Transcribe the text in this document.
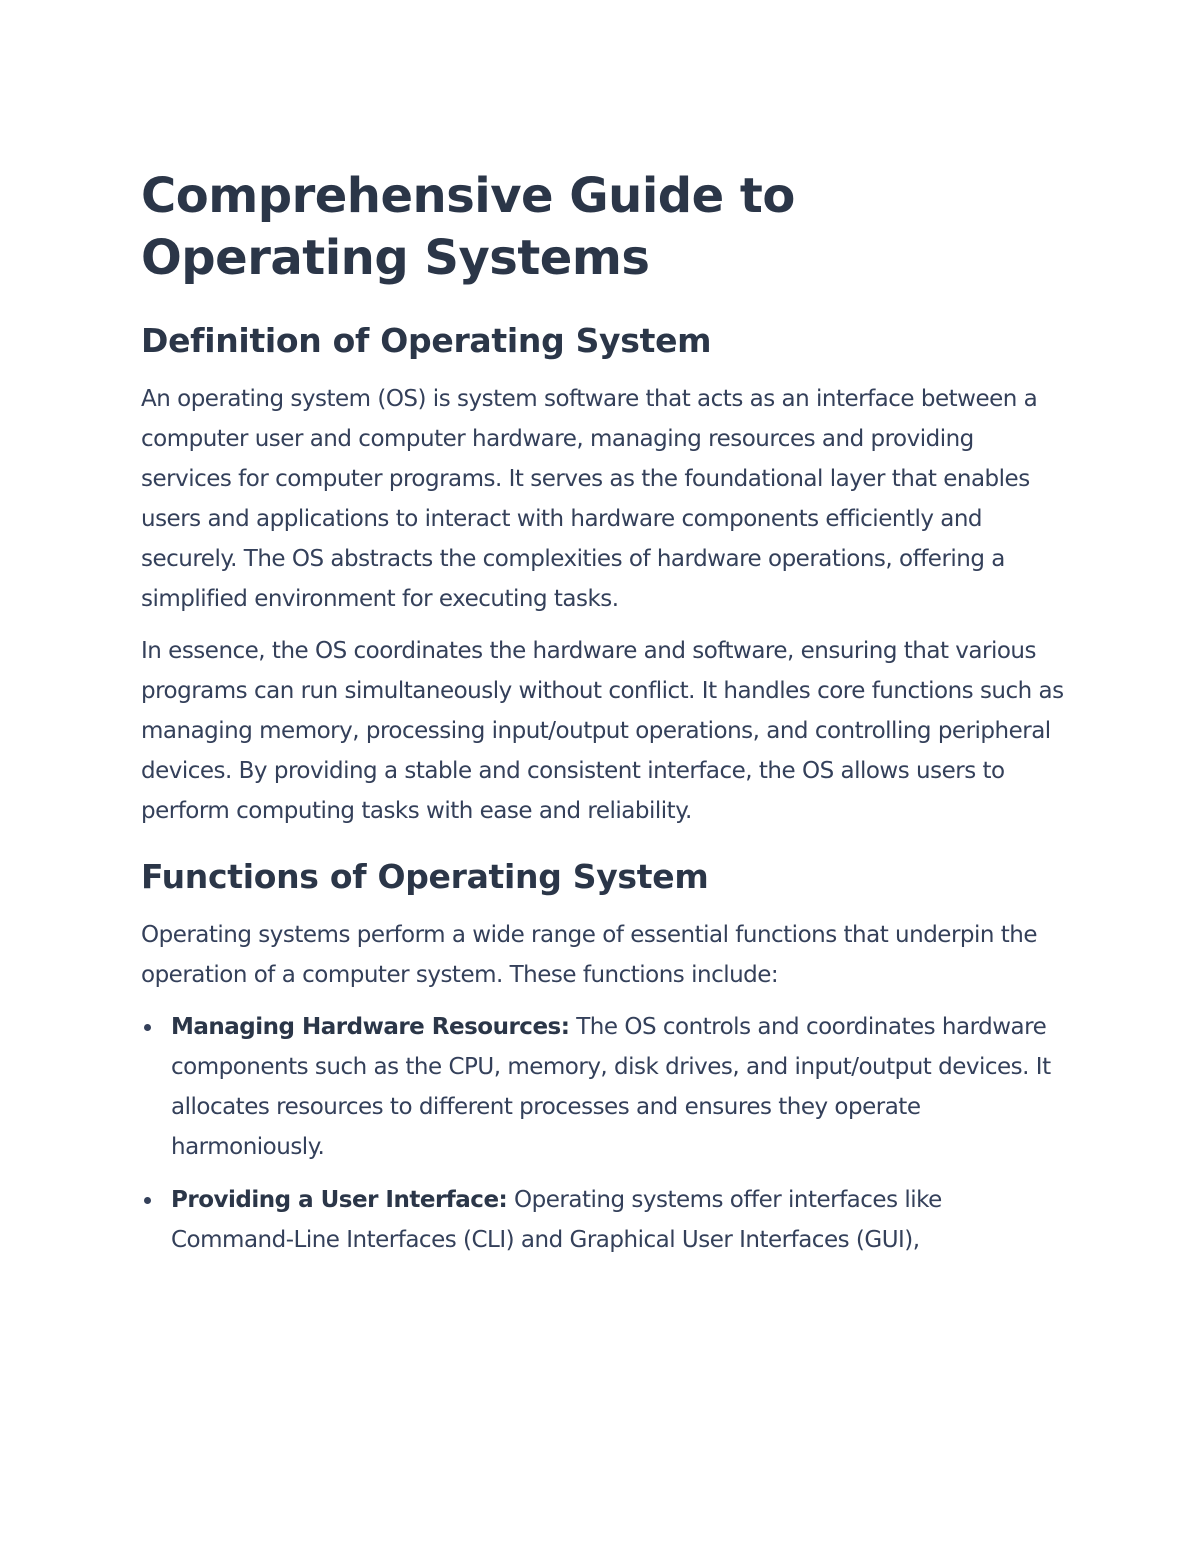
Comprehensive Guide to Operating Systems
Definition of Operating System

An operating system (OS) is system software that acts as an interface between a computer user and computer hardware, managing resources and providing services for computer programs. It serves as the foundational layer that enables users and applications to interact with hardware components efficiently and securely. The OS abstracts the complexities of hardware operations, offering a simplified environment for executing tasks.

In essence, the OS coordinates the hardware and software, ensuring that various programs can run simultaneously without conflict. It handles core functions such as managing memory, processing input/output operations, and controlling peripheral devices. By providing a stable and consistent interface, the OS allows users to perform computing tasks with ease and reliability.

Functions of Operating System

Operating systems perform a wide range of essential functions that underpin the operation of a computer system. These functions include:

Managing Hardware Resources: The OS controls and coordinates hardware components such as the CPU, memory, disk drives, and input/output devices. It allocates resources to different processes and ensures they operate harmoniously.
Providing a User Interface: Operating systems offer interfaces like Command-Line Interfaces (CLI) and Graphical User Interfaces (GUI),
